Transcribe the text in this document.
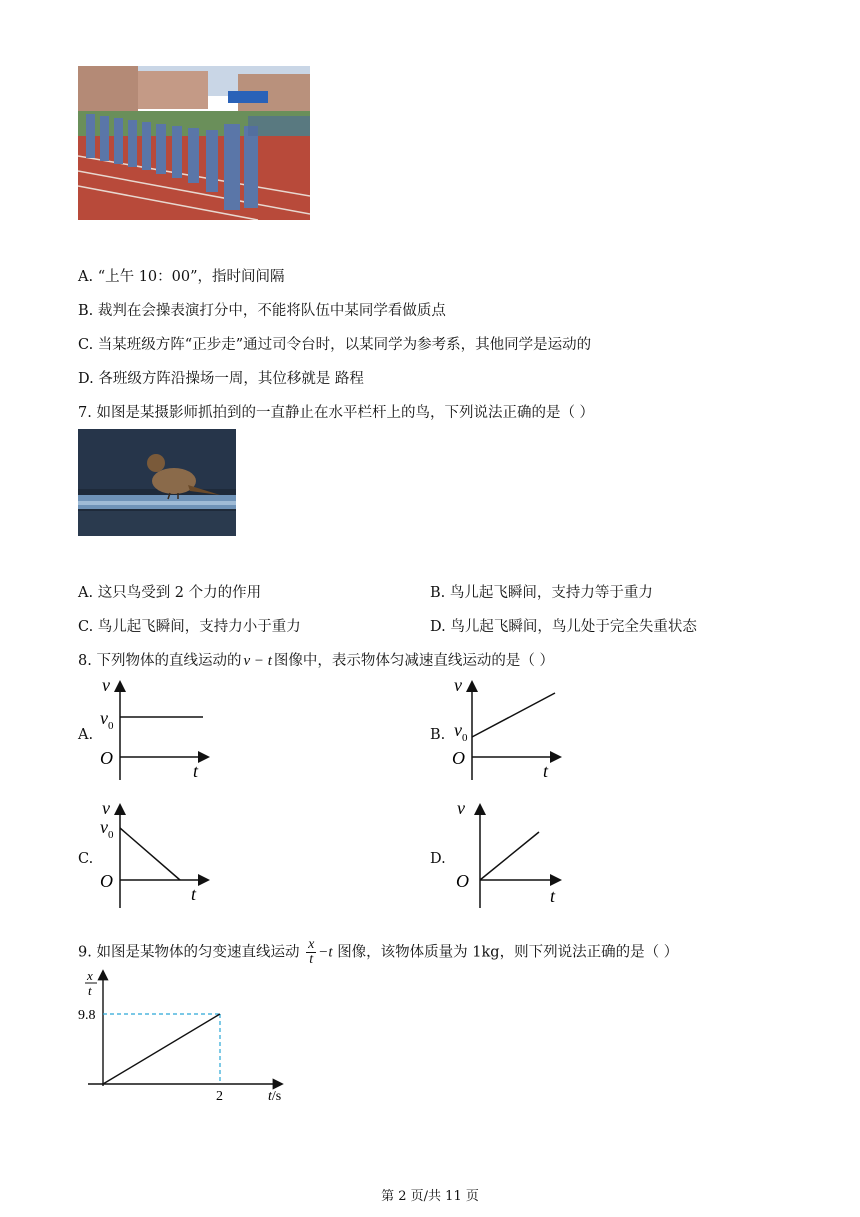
A. “上午 10：00”，指时间间隔
B. 裁判在会操表演打分中，不能将队伍中某同学看做质点
C. 当某班级方阵“正步走”通过司令台时，以某同学为参考系，其他同学是运动的
D. 各班级方阵沿操场一周，其位移就是 路程
7. 如图是某摄影师抓拍到的一直静止在水平栏杆上的鸟，下列说法正确的是（ ）
A. 这只鸟受到 2 个力的作用	B. 鸟儿起飞瞬间，支持力等于重力
C. 鸟儿起飞瞬间，支持力小于重力	D. 鸟儿起飞瞬间，鸟儿处于完全失重状态
8. 下列物体的直线运动的 v − t 图像中，表示物体匀减速直线运动的是（ ）
A.	B.
C.	D.
v
t
O
$v_0$
v
t
O
$v_0$
v
t
O
$v_0$
v
t
O
9. 如图是某物体的匀变速直线运动 $\frac{x}{t} -t$ 图像，该物体质量为 1kg，则下列说法正确的是（ ）
x
t
9.8
2	t/s
t/s
第 2 页/共 11 页
